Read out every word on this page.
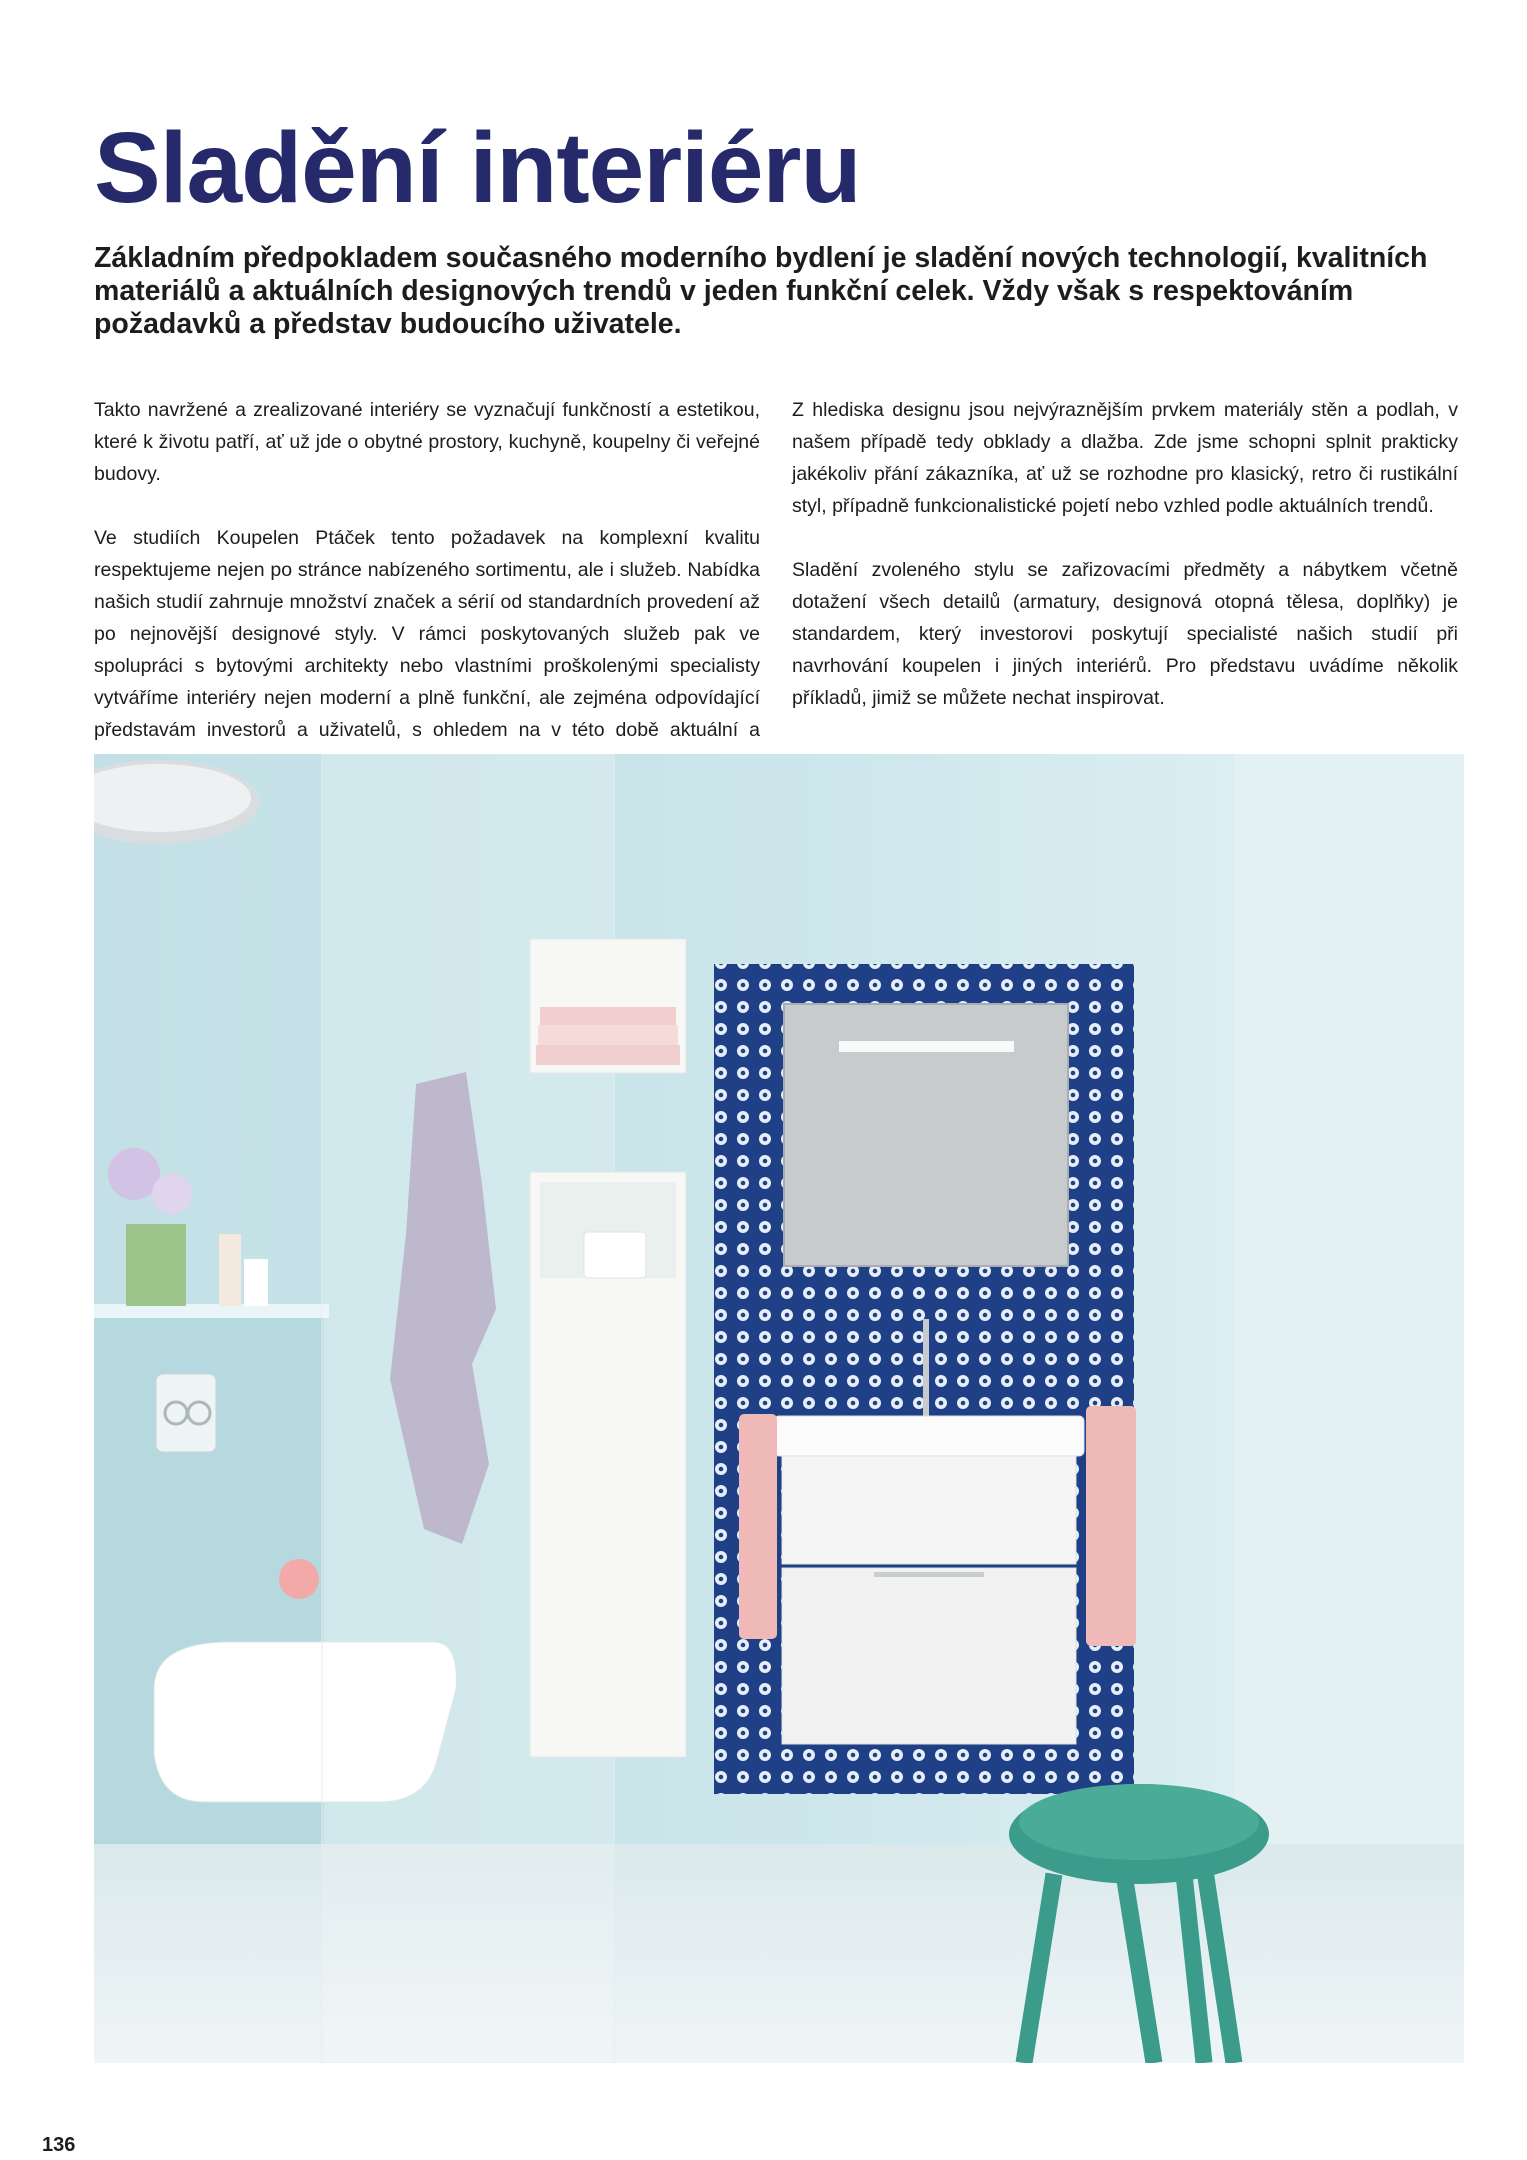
Sladění interiéru

Základním předpokladem současného moderního bydlení je sladění nových technologií, kvalitních materiálů a aktuálních designových trendů v jeden funkční celek. Vždy však s respektováním požadavků a představ budoucího uživatele.

Takto navržené a zrealizované interiéry se vyznačují funkčností a estetikou, které k životu patří, ať už jde o obytné prostory, kuchyně, koupelny či veřejné budovy.

Ve studiích Koupelen Ptáček tento požadavek na komplexní kvalitu respektujeme nejen po stránce nabízeného sortimentu, ale i služeb. Nabídka našich studií zahrnuje množství značek a sérií od standardních provedení až po nejnovější designové styly. V rámci poskytovaných služeb pak ve spolupráci s bytovými architekty nebo vlastními proškolenými specialisty vytváříme interiéry nejen moderní a plně funkční, ale zejména odpovídající představám investorů a uživatelů, s ohledem na v této době aktuální a

Z hlediska designu jsou nejvýraznějším prvkem materiály stěn a podlah, v našem případě tedy obklady a dlažba. Zde jsme schopni splnit prakticky jakékoliv přání zákazníka, ať už se rozhodne pro klasický, retro či rustikální styl, případně funkcionalistické pojetí nebo vzhled podle aktuálních trendů.

Sladění zvoleného stylu se zařizovacími předměty a nábytkem včetně dotažení všech detailů (armatury, designová otopná tělesa, doplňky) je standardem, který investorovi poskytují specialisté našich studií při navrhování koupelen i jiných interiérů. Pro představu uvádíme několik příkladů, jimiž se můžete nechat inspirovat.

136
